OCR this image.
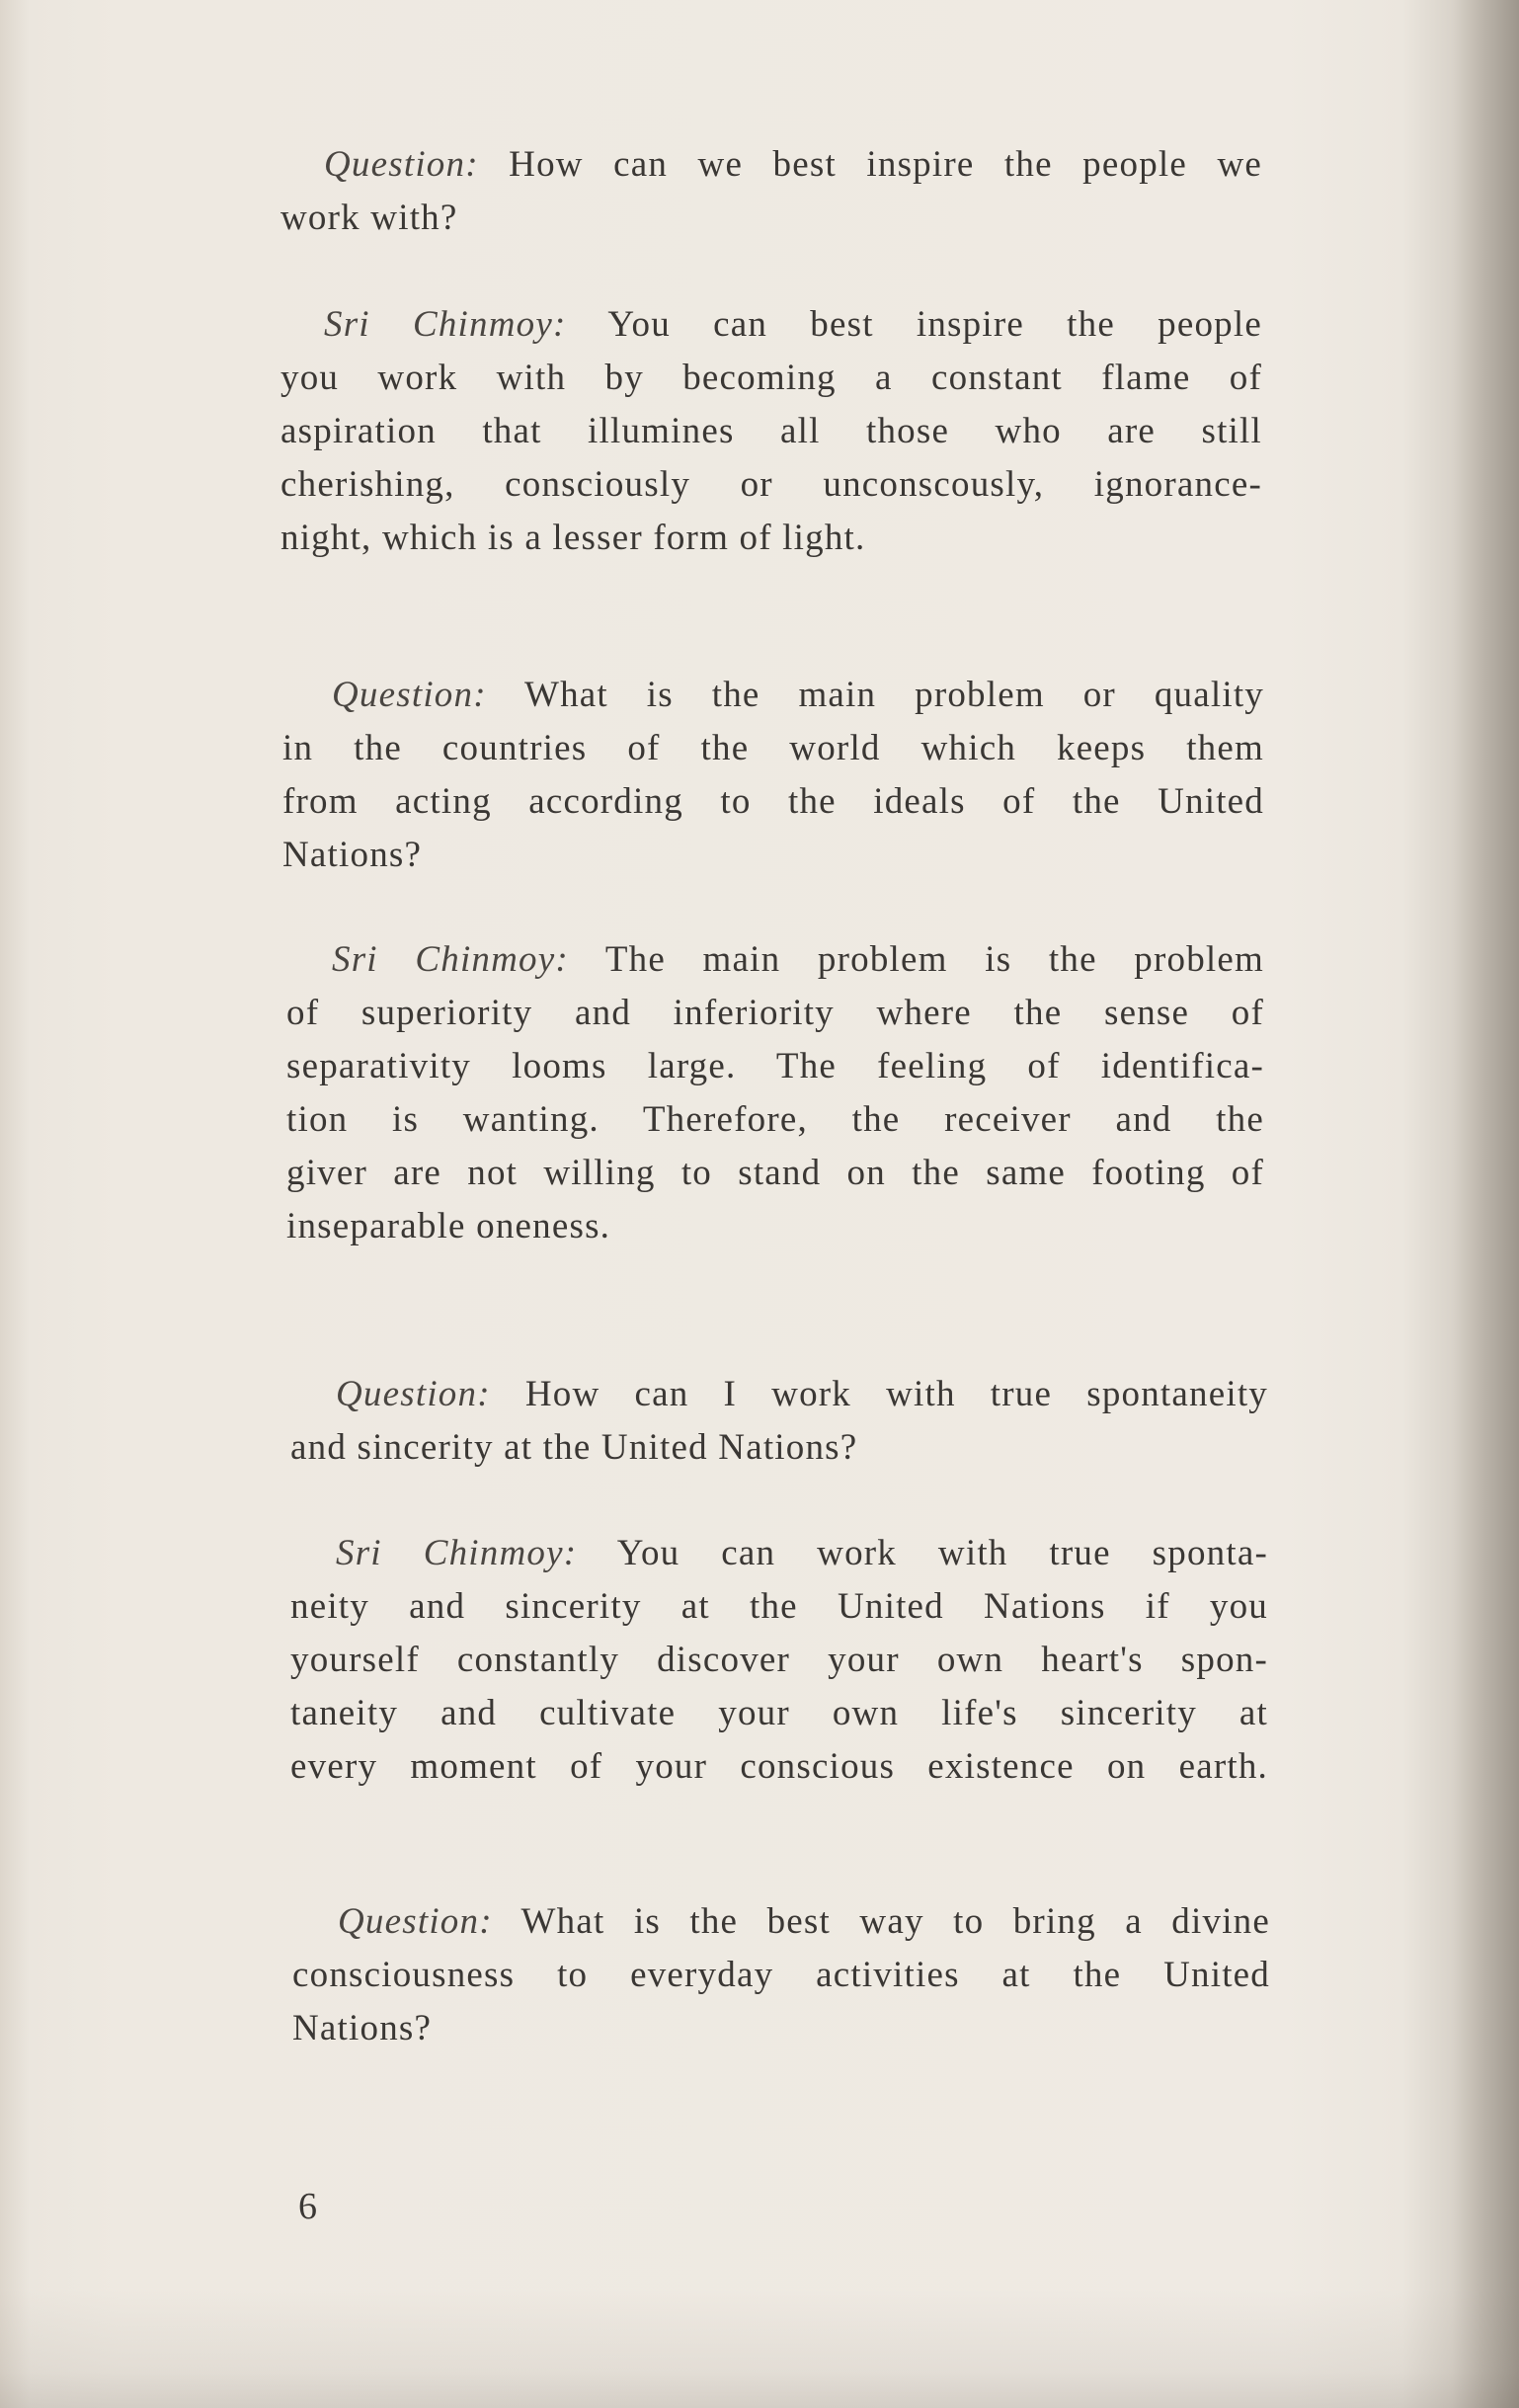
Question: How can we best inspire the people we
work with?
Sri Chinmoy: You can best inspire the people
you work with by becoming a constant flame of
aspiration that illumines all those who are still
cherishing, consciously or unconscously, ignorance-
night, which is a lesser form of light.
Question: What is the main problem or quality
in the countries of the world which keeps them
from acting according to the ideals of the United
Nations?
Sri Chinmoy: The main problem is the problem
of superiority and inferiority where the sense of
separativity looms large. The feeling of identifica-
tion is wanting. Therefore, the receiver and the
giver are not willing to stand on the same footing of
inseparable oneness.
Question: How can I work with true spontaneity
and sincerity at the United Nations?
Sri Chinmoy: You can work with true sponta-
neity and sincerity at the United Nations if you
yourself constantly discover your own heart's spon-
taneity and cultivate your own life's sincerity at
every moment of your conscious existence on earth.
Question: What is the best way to bring a divine
consciousness to everyday activities at the United
Nations?
6
